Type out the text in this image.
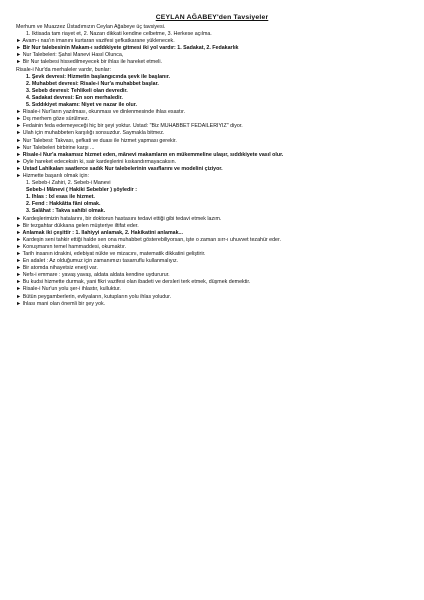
CEYLAN AĞABEY'den Tavsiyeler
Merhum ve Muazzez Üstadımızın Ceylan Ağabeye üç tavsiyesi.
1. İktisada tam riayet et, 2. Nazarı dikkati kendine celbetme, 3. Herkese açılma.
► Avam-ı nas'ın imanını kurtaran vazifesi şefkatkarane yüklenecek.
► Bir Nur talebesinin Makam-ı sıddıkiyete gitmesi iki yol vardır: 1. Sadakat, 2. Fedakarlık
► Nur Talebeleri: Şahsi Manevi Hasıl Olunca,
► Bir Nur talebesi hissedilmeyecek bir ihlas ile hareket etmeli.
Risale-i Nur'da merhaleler vardır, bunlar:
1. Şevk devresi: Hizmetin başlangıcında şevk ile başlanır.
2. Muhabbet devresi: Risale-i Nur'a muhabbet başlar.
3. Sebeb devresi: Tehlikeli olan devredir.
4. Sadakat devresi: En son merhaledir.
5. Sıddıkiyet makamı: Niyet ve nazar ile olur.
► Risale-i Nur'ların yazılması, okunması ve dinlenmesinde ihlas esastır.
► Dış merhem göze sürülmez.
► Fedainin feda edemeyeceği hiç bir şeyi yoktur. Üstad: "Biz MUHABBET FEDAİLERİYİZ" diyor.
► Ulah için muhabbeten karşılığı sonsuzdur. Saymakla bitmez.
► Nur Talebesi: Takvası, şefkati ve duası ile hizmet yapması gerekir.
► Nur Talebeleri birbirine karşı ...
► Risale-i Nur'a makamsız hizmet eden, mânevi makamların en mükemmeline ulaşır, sıddıkiyete vasıl olur.
► Öyle hareket edeceksin ki, sair kardeşlerini kıskandırmayacaksın.
► Üstad Lahikaları saatlerce sadık Nur talebelerinin vasıflarını ve modelini çiziyor.
► Hizmette başarılı olmak için:
1. Sebeb-i Zahiri, 2. Sebeb-i Manevi
Sebeb-i Mânevi ( Hakiki Sebebler ) şöyledir :
1. İhlas : İxl esas ile hizmet.
2. Fend : Hakkâtta fâni olmak.
3. Salâhat : Takva sahibi olmak.
► Kardeşlerimizin hatalarını, bir doktorun hastasını tedavi ettiği gibi tedavi etmek lazım.
► Bir tezgahtar dükkana gelen müşteriye iltifat eder.
► Anlamak iki çeşittir : 1. İlahiyyi anlamak, 2. Hakikatini anlamak...
► Kardeşin seni tahkir ettiği halde sen ona muhabbet gösterebiliyorsan, işte o zaman sırr-ı uhuvvet tezahür eder.
► Konuşmanın temel hammaddesi, okumaktır.
► Tarih insanın idrakini, edebiyat nükte ve mizacını, matematik dikkatini geliştirir.
► En adalet : Az olduğumuz için zamanımızı tasarruflu kullanmalıyız.
► Bir atomda nihayetsiz enerji var.
► Nefs-i emmare : yavaş yavaş, aldata aldata kendine uydururur.
► Bu kudsi hizmette durmak, yani fikri vazifesi olan ibadeti ve dersleri terk etmek, düşmek demektir.
► Risale-i Nur'un yolu şer-i ihlastır, kulluktur.
► Bütün peygamberlerin, evliyaların, kutupların yolu ihlas yoludur.
► İhlası mani olan önemli bir şey yok.
